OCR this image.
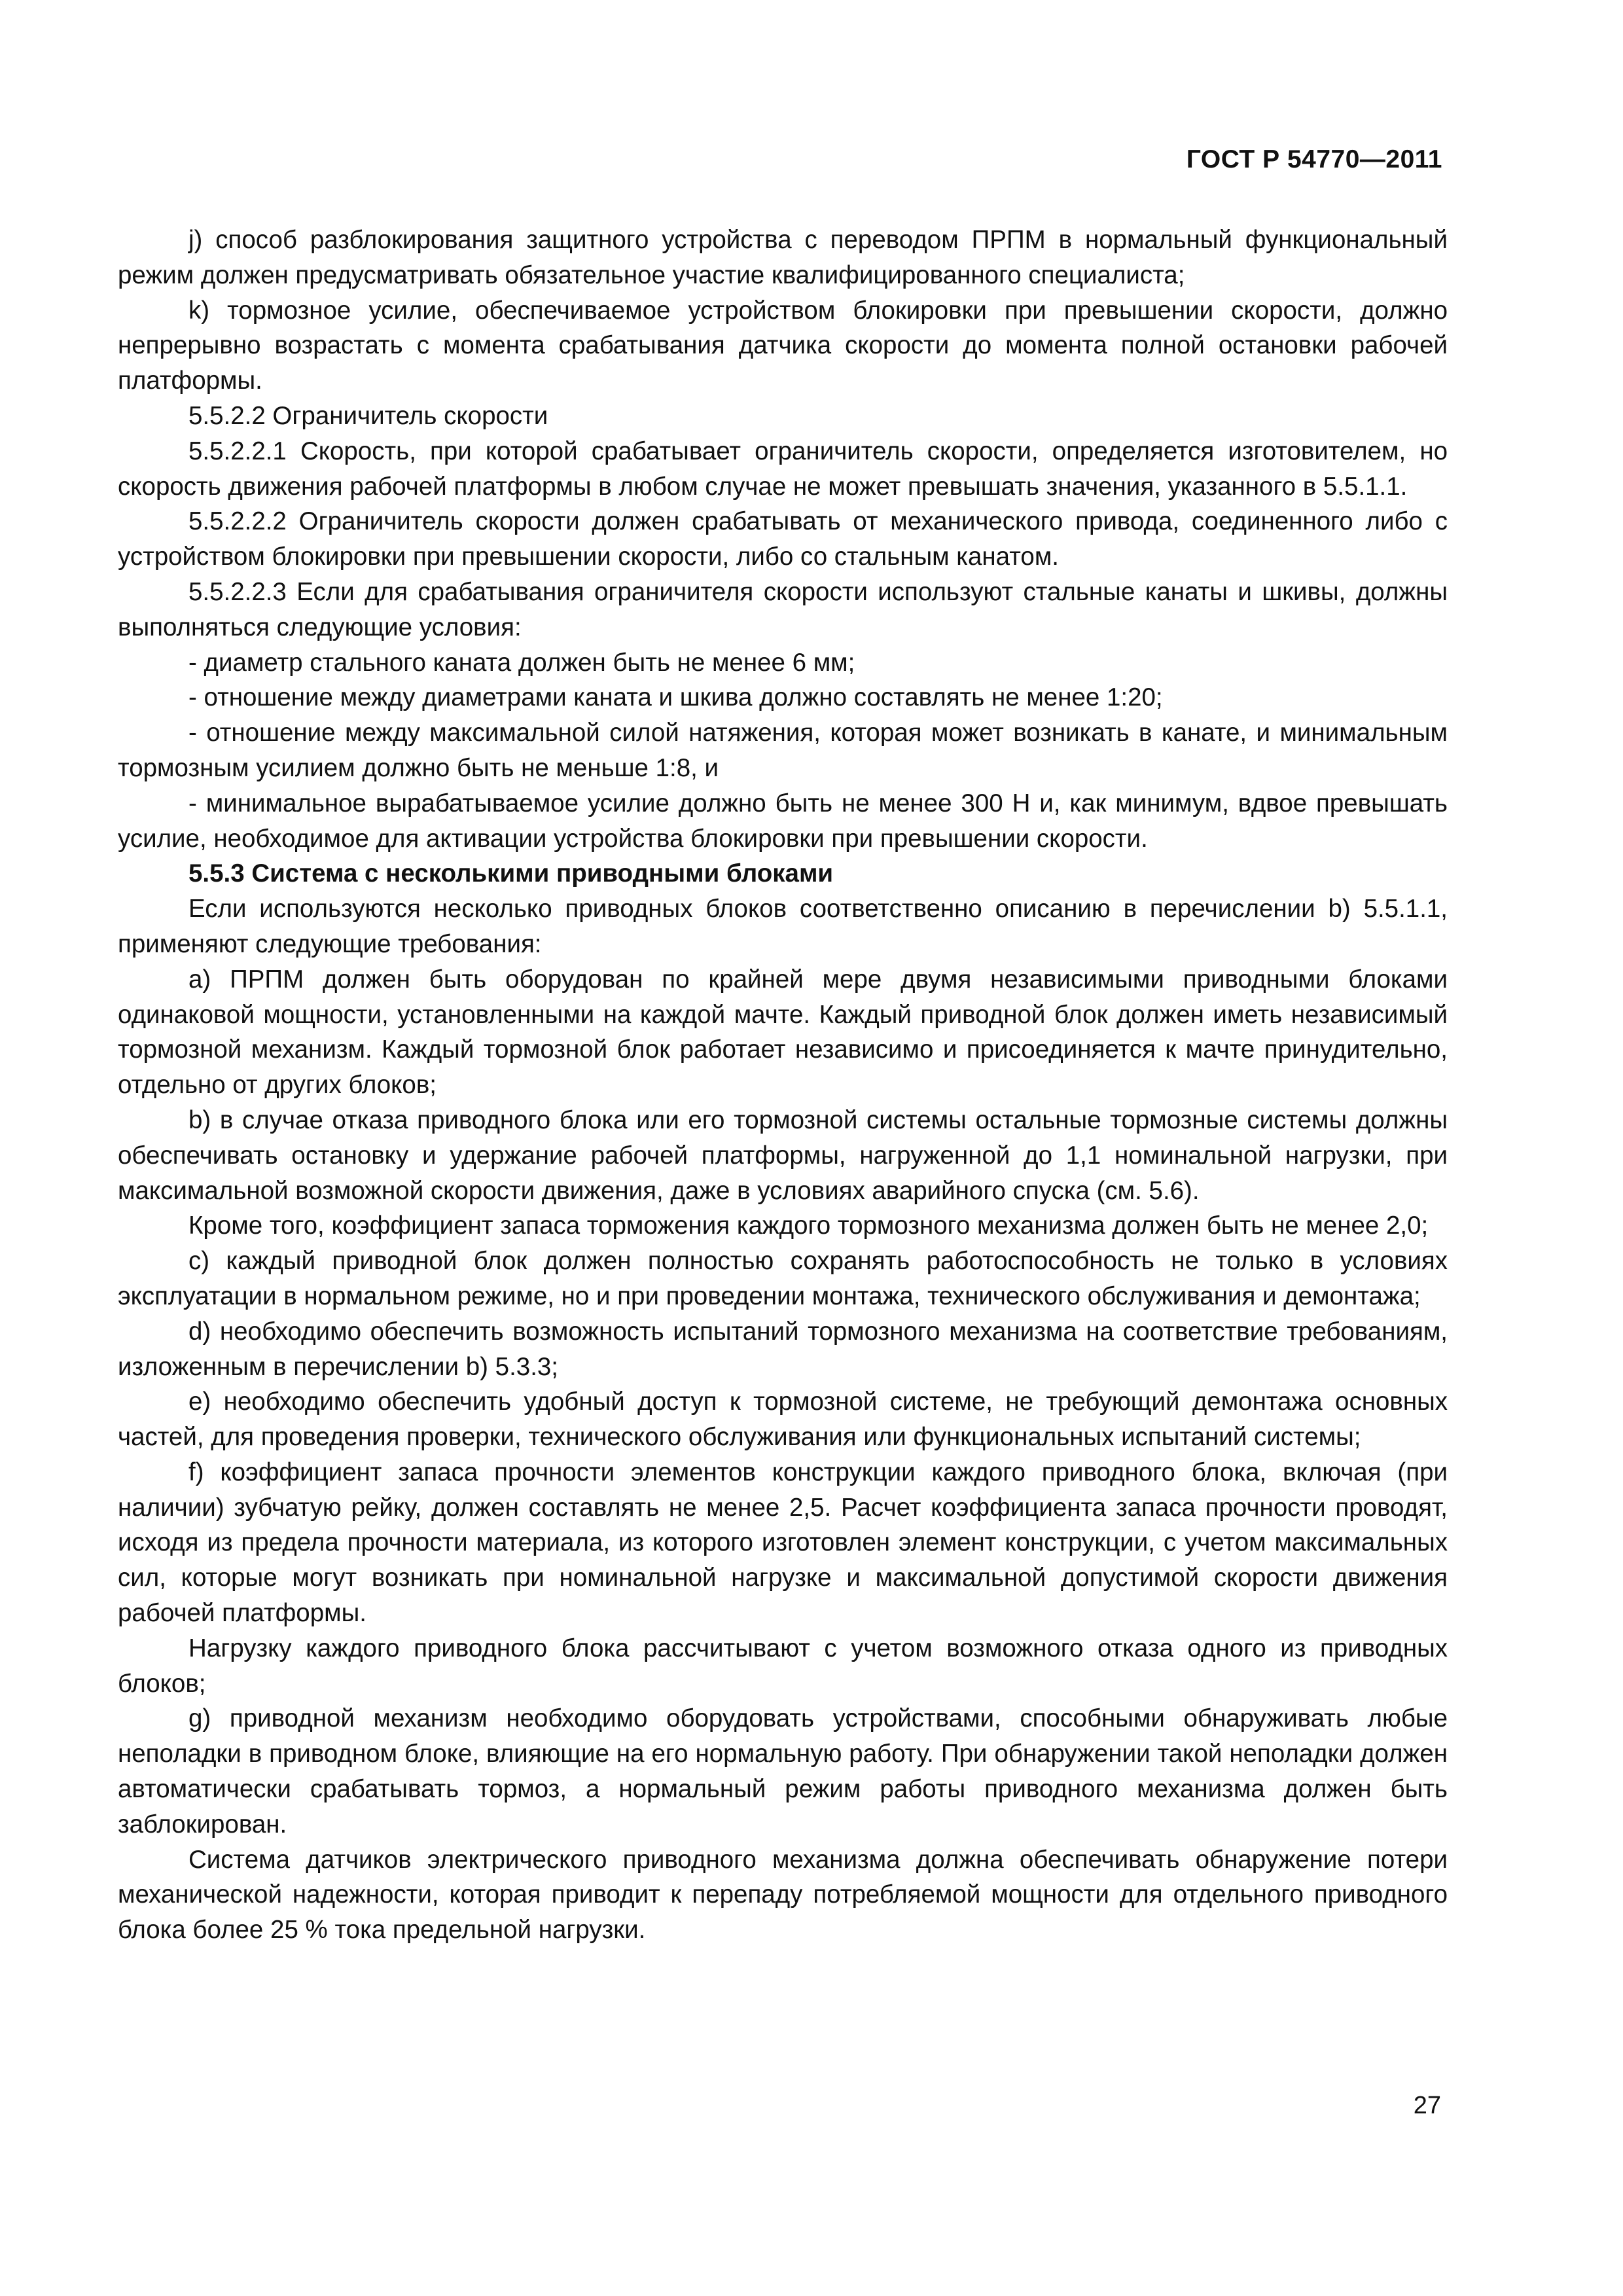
ГОСТ Р 54770—2011

j) способ разблокирования защитного устройства с переводом ПРПМ в нормальный функциональный режим должен предусматривать обязательное участие квалифицированного специалиста;

k) тормозное усилие, обеспечиваемое устройством блокировки при превышении скорости, должно непрерывно возрастать с момента срабатывания датчика скорости до момента полной остановки рабочей платформы.

5.5.2.2 Ограничитель скорости

5.5.2.2.1 Скорость, при которой срабатывает ограничитель скорости, определяется изготовителем, но скорость движения рабочей платформы в любом случае не может превышать значения, указанного в 5.5.1.1.

5.5.2.2.2 Ограничитель скорости должен срабатывать от механического привода, соединенного либо с устройством блокировки при превышении скорости, либо со стальным канатом.

5.5.2.2.3 Если для срабатывания ограничителя скорости используют стальные канаты и шкивы, должны выполняться следующие условия:

- диаметр стального каната должен быть не менее 6 мм;

- отношение между диаметрами каната и шкива должно составлять не менее 1:20;

- отношение между максимальной силой натяжения, которая может возникать в канате, и минимальным тормозным усилием должно быть не меньше 1:8, и

- минимальное вырабатываемое усилие должно быть не менее 300 Н и, как минимум, вдвое превышать усилие, необходимое для активации устройства блокировки при превышении скорости.

5.5.3 Система с несколькими приводными блоками

Если используются несколько приводных блоков соответственно описанию в перечислении b) 5.5.1.1, применяют следующие требования:

a) ПРПМ должен быть оборудован по крайней мере двумя независимыми приводными блоками одинаковой мощности, установленными на каждой мачте. Каждый приводной блок должен иметь независимый тормозной механизм. Каждый тормозной блок работает независимо и присоединяется к мачте принудительно, отдельно от других блоков;

b) в случае отказа приводного блока или его тормозной системы остальные тормозные системы должны обеспечивать остановку и удержание рабочей платформы, нагруженной до 1,1 номинальной нагрузки, при максимальной возможной скорости движения, даже в условиях аварийного спуска (см. 5.6).

Кроме того, коэффициент запаса торможения каждого тормозного механизма должен быть не менее 2,0;

c) каждый приводной блок должен полностью сохранять работоспособность не только в условиях эксплуатации в нормальном режиме, но и при проведении монтажа, технического обслуживания и демонтажа;

d) необходимо обеспечить возможность испытаний тормозного механизма на соответствие требованиям, изложенным в перечислении b) 5.3.3;

e) необходимо обеспечить удобный доступ к тормозной системе, не требующий демонтажа основных частей, для проведения проверки, технического обслуживания или функциональных испытаний системы;

f) коэффициент запаса прочности элементов конструкции каждого приводного блока, включая (при наличии) зубчатую рейку, должен составлять не менее 2,5. Расчет коэффициента запаса прочности проводят, исходя из предела прочности материала, из которого изготовлен элемент конструкции, с учетом максимальных сил, которые могут возникать при номинальной нагрузке и максимальной допустимой скорости движения рабочей платформы.

Нагрузку каждого приводного блока рассчитывают с учетом возможного отказа одного из приводных блоков;

g) приводной механизм необходимо оборудовать устройствами, способными обнаруживать любые неполадки в приводном блоке, влияющие на его нормальную работу. При обнаружении такой неполадки должен автоматически срабатывать тормоз, а нормальный режим работы приводного механизма должен быть заблокирован.

Система датчиков электрического приводного механизма должна обеспечивать обнаружение потери механической надежности, которая приводит к перепаду потребляемой мощности для отдельного приводного блока более 25 % тока предельной нагрузки.

27
